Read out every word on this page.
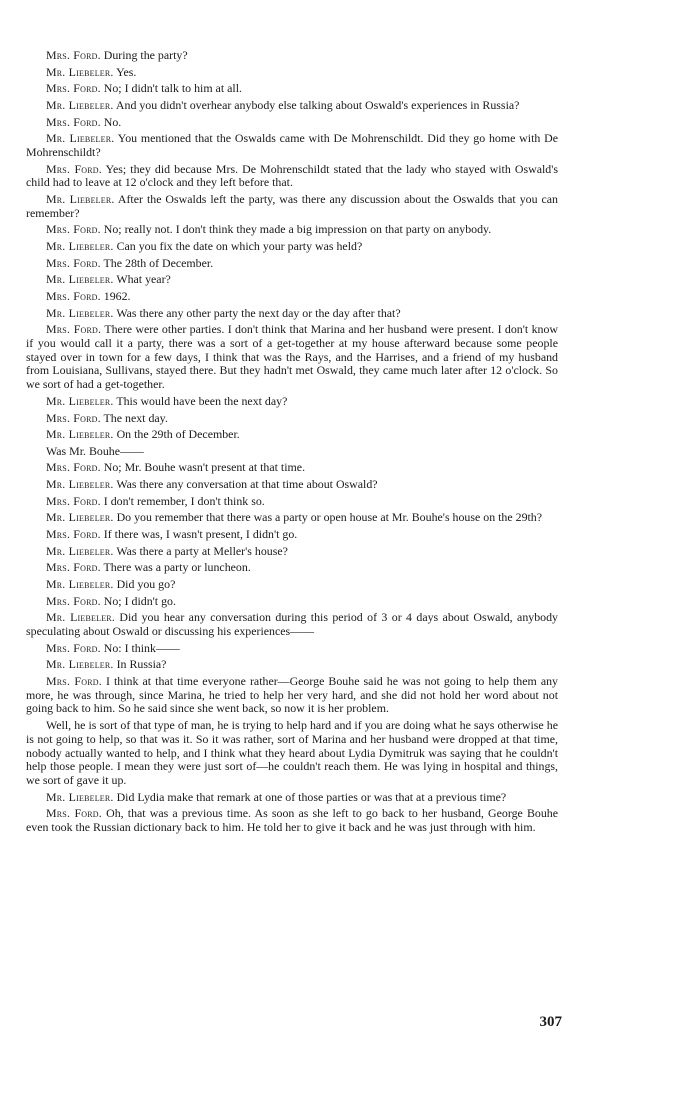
Mrs. Ford. During the party?

Mr. Liebeler. Yes.

Mrs. Ford. No; I didn't talk to him at all.

Mr. Liebeler. And you didn't overhear anybody else talking about Oswald's experiences in Russia?

Mrs. Ford. No.

Mr. Liebeler. You mentioned that the Oswalds came with De Mohrenschildt. Did they go home with De Mohrenschildt?

Mrs. Ford. Yes; they did because Mrs. De Mohrenschildt stated that the lady who stayed with Oswald's child had to leave at 12 o'clock and they left before that.

Mr. Liebeler. After the Oswalds left the party, was there any discussion about the Oswalds that you can remember?

Mrs. Ford. No; really not. I don't think they made a big impression on that party on anybody.

Mr. Liebeler. Can you fix the date on which your party was held?

Mrs. Ford. The 28th of December.

Mr. Liebeler. What year?

Mrs. Ford. 1962.

Mr. Liebeler. Was there any other party the next day or the day after that?

Mrs. Ford. There were other parties. I don't think that Marina and her husband were present. I don't know if you would call it a party, there was a sort of a get-together at my house afterward because some people stayed over in town for a few days, I think that was the Rays, and the Harrises, and a friend of my husband from Louisiana, Sullivans, stayed there. But they hadn't met Oswald, they came much later after 12 o'clock. So we sort of had a get-together.

Mr. Liebeler. This would have been the next day?

Mrs. Ford. The next day.

Mr. Liebeler. On the 29th of December.

Was Mr. Bouhe——

Mrs. Ford. No; Mr. Bouhe wasn't present at that time.

Mr. Liebeler. Was there any conversation at that time about Oswald?

Mrs. Ford. I don't remember, I don't think so.

Mr. Liebeler. Do you remember that there was a party or open house at Mr. Bouhe's house on the 29th?

Mrs. Ford. If there was, I wasn't present, I didn't go.

Mr. Liebeler. Was there a party at Meller's house?

Mrs. Ford. There was a party or luncheon.

Mr. Liebeler. Did you go?

Mrs. Ford. No; I didn't go.

Mr. Liebeler. Did you hear any conversation during this period of 3 or 4 days about Oswald, anybody speculating about Oswald or discussing his experiences——

Mrs. Ford. No: I think——

Mr. Liebeler. In Russia?

Mrs. Ford. I think at that time everyone rather—George Bouhe said he was not going to help them any more, he was through, since Marina, he tried to help her very hard, and she did not hold her word about not going back to him. So he said since she went back, so now it is her problem.

Well, he is sort of that type of man, he is trying to help hard and if you are doing what he says otherwise he is not going to help, so that was it. So it was rather, sort of Marina and her husband were dropped at that time, nobody actually wanted to help, and I think what they heard about Lydia Dymitruk was saying that he couldn't help those people. I mean they were just sort of—he couldn't reach them. He was lying in hospital and things, we sort of gave it up.

Mr. Liebeler. Did Lydia make that remark at one of those parties or was that at a previous time?

Mrs. Ford. Oh, that was a previous time. As soon as she left to go back to her husband, George Bouhe even took the Russian dictionary back to him. He told her to give it back and he was just through with him.

307
